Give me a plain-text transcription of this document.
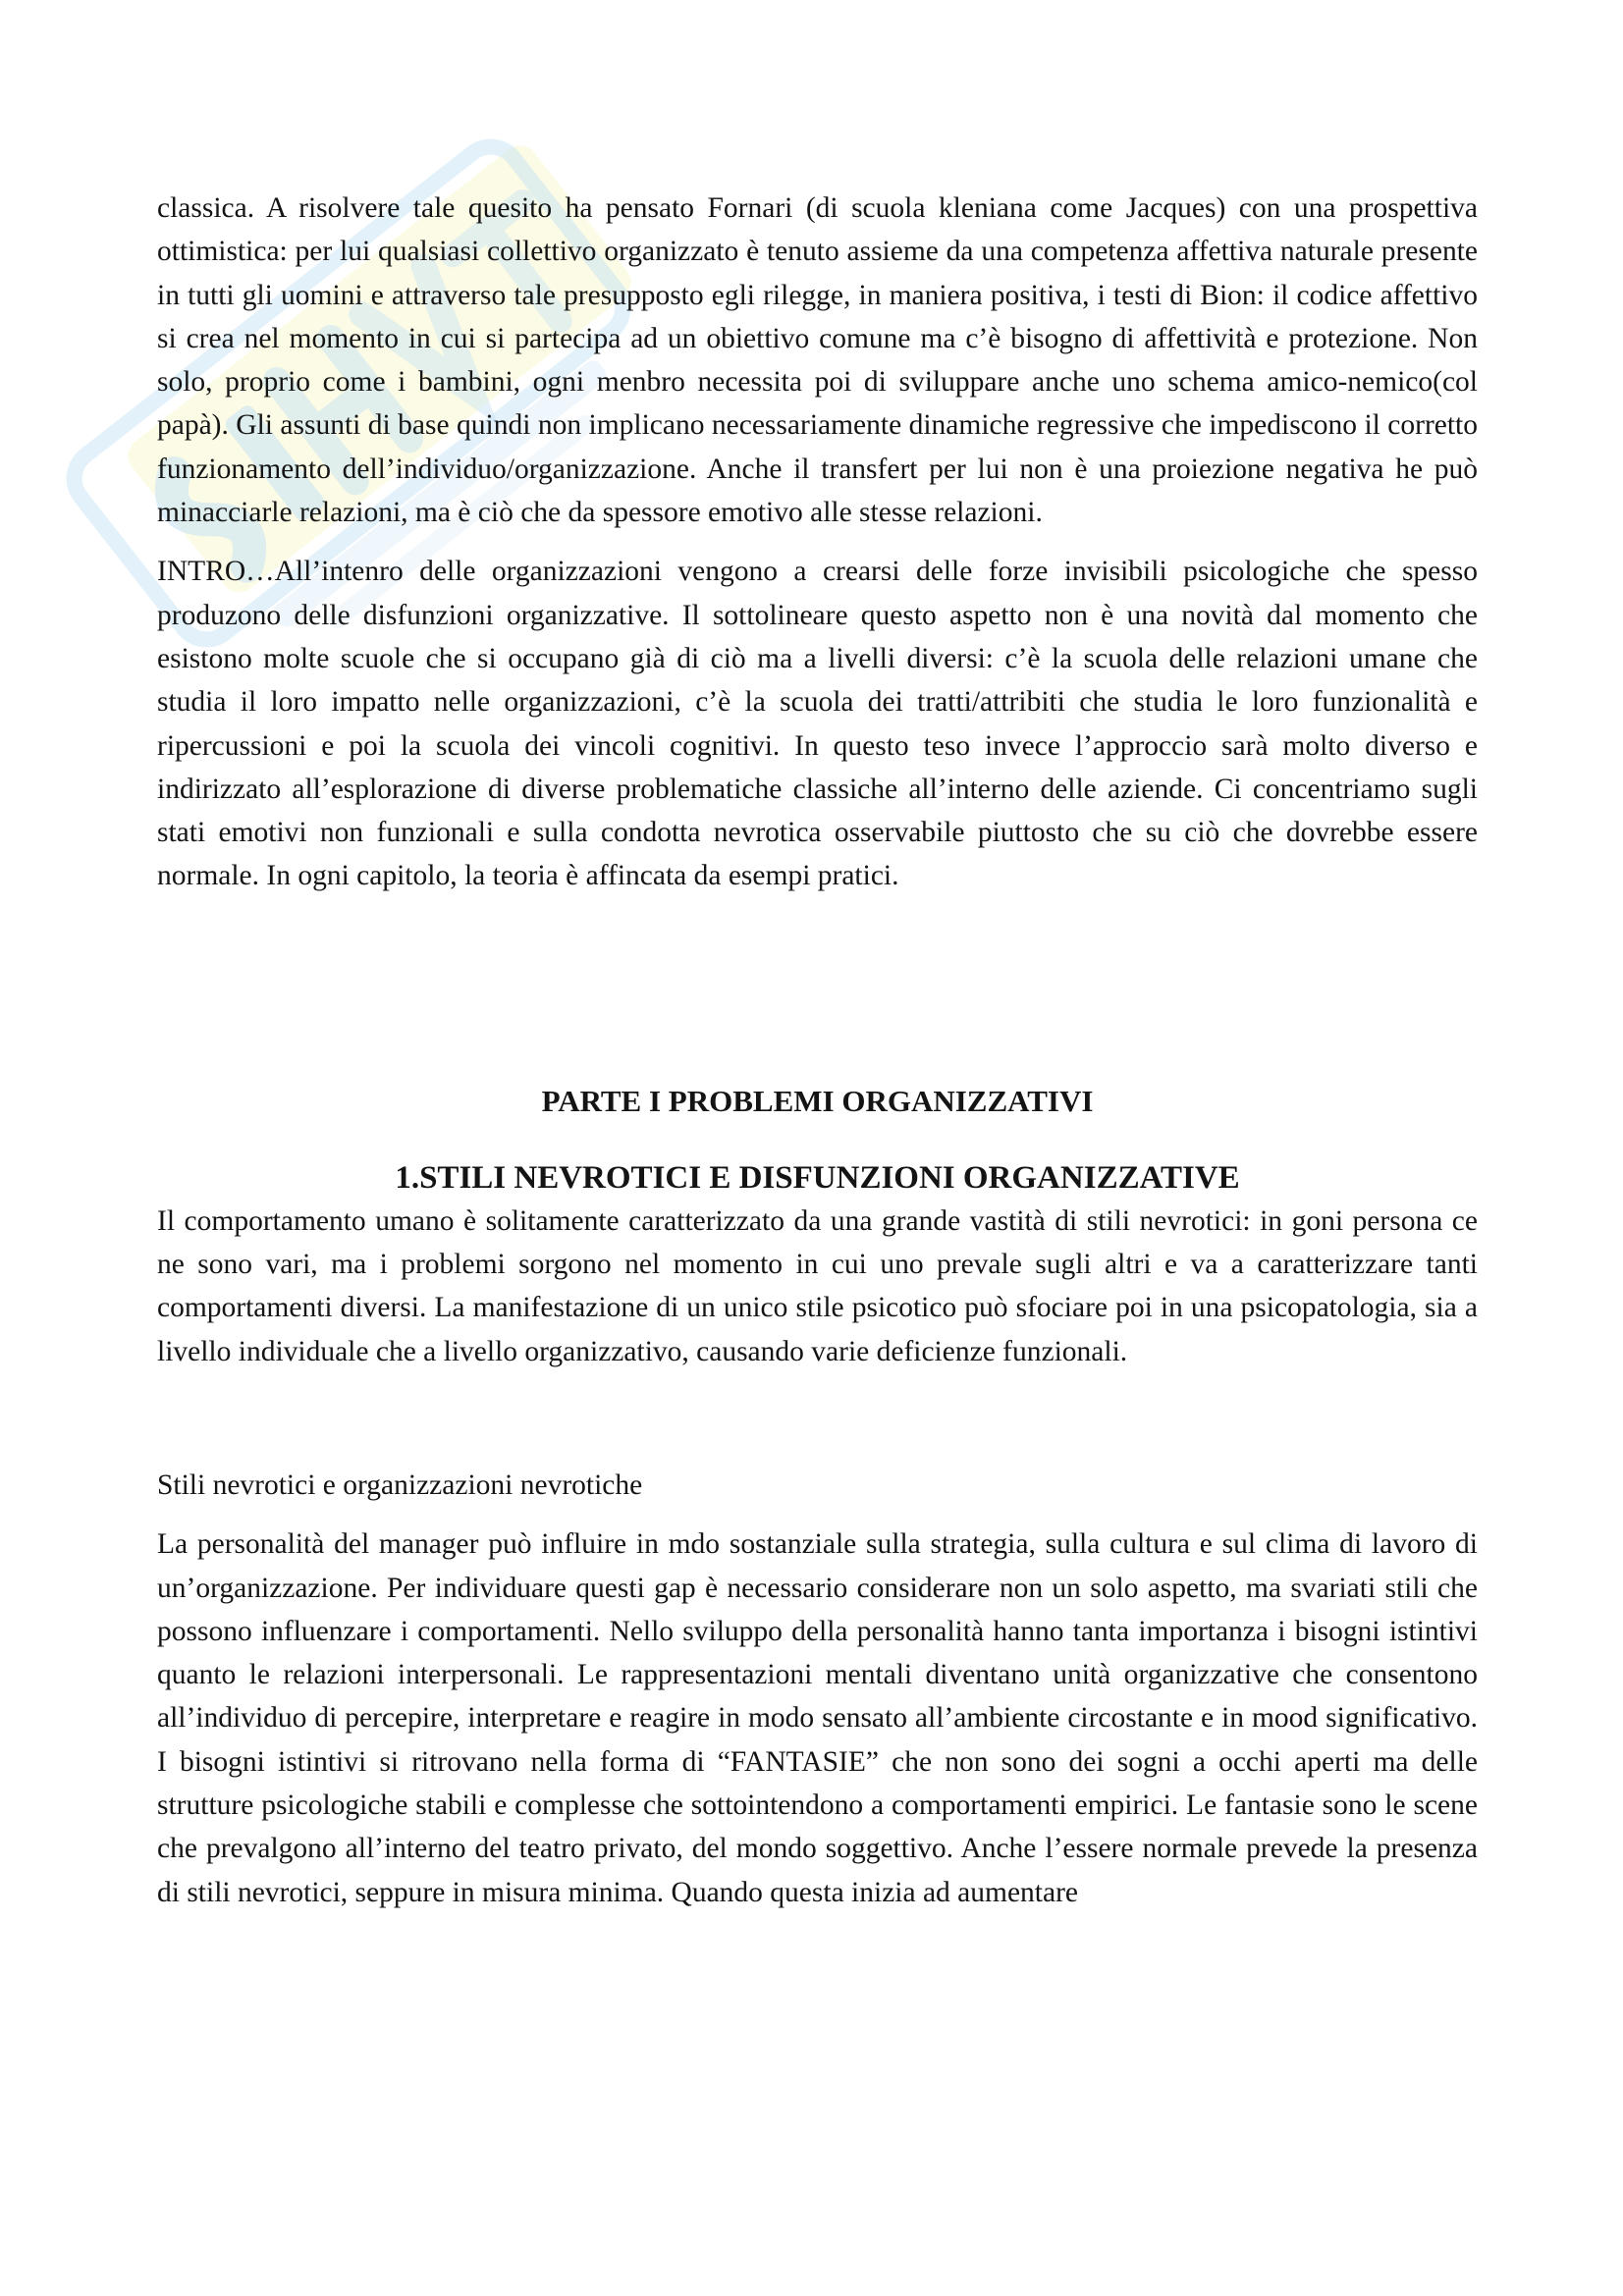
classica. A risolvere tale quesito ha pensato Fornari (di scuola kleniana come Jacques) con una prospettiva ottimistica: per lui qualsiasi collettivo organizzato è tenuto assieme da una competenza affettiva naturale presente in tutti gli uomini e attraverso tale presupposto egli rilegge, in maniera positiva, i testi di Bion: il codice affettivo si crea nel momento in cui si partecipa ad un obiettivo comune ma c’è bisogno di affettività e protezione. Non solo, proprio come i bambini, ogni menbro necessita poi di sviluppare anche uno schema amico-nemico(col papà). Gli assunti di base quindi non implicano necessariamente dinamiche regressive che impediscono il corretto funzionamento dell’individuo/organizzazione. Anche il transfert per lui non è una proiezione negativa he può minacciarle relazioni, ma è ciò che da spessore emotivo alle stesse relazioni.

INTRO…All’intenro delle organizzazioni vengono a crearsi delle forze invisibili psicologiche che spesso produzono delle disfunzioni organizzative. Il sottolineare questo aspetto non è una novità dal momento che esistono molte scuole che si occupano già di ciò ma a livelli diversi: c’è la scuola delle relazioni umane che studia il loro impatto nelle organizzazioni, c’è la scuola dei tratti/attribiti che studia le loro funzionalità e ripercussioni e poi la scuola dei vincoli cognitivi. In questo teso invece l’approccio sarà molto diverso e indirizzato all’esplorazione di diverse problematiche classiche all’interno delle aziende. Ci concentriamo sugli stati emotivi non funzionali e sulla condotta nevrotica osservabile piuttosto che su ciò che dovrebbe essere normale. In ogni capitolo, la teoria è affincata da esempi pratici.

PARTE I PROBLEMI ORGANIZZATIVI
1.STILI NEVROTICI E DISFUNZIONI ORGANIZZATIVE

Il comportamento umano è solitamente caratterizzato da una grande vastità di stili nevrotici: in goni persona ce ne sono vari, ma i problemi sorgono nel momento in cui uno prevale sugli altri e va a caratterizzare tanti comportamenti diversi. La manifestazione di un unico stile psicotico può sfociare poi in una psicopatologia, sia a livello individuale che a livello organizzativo, causando varie deficienze funzionali.

Stili nevrotici e organizzazioni nevrotiche

La personalità del manager può influire in mdo sostanziale sulla strategia, sulla cultura e sul clima di lavoro di un’organizzazione. Per individuare questi gap è necessario considerare non un solo aspetto, ma svariati stili che possono influenzare i comportamenti. Nello sviluppo della personalità hanno tanta importanza i bisogni istintivi quanto le relazioni interpersonali. Le rappresentazioni mentali diventano unità organizzative che consentono all’individuo di percepire, interpretare e reagire in modo sensato all’ambiente circostante e in mood significativo. I bisogni istintivi si ritrovano nella forma di “FANTASIE” che non sono dei sogni a occhi aperti ma delle strutture psicologiche stabili e complesse che sottointendono a comportamenti empirici. Le fantasie sono le scene che prevalgono all’interno del teatro privato, del mondo soggettivo. Anche l’essere normale prevede la presenza di stili nevrotici, seppure in misura minima. Quando questa inizia ad aumentare
